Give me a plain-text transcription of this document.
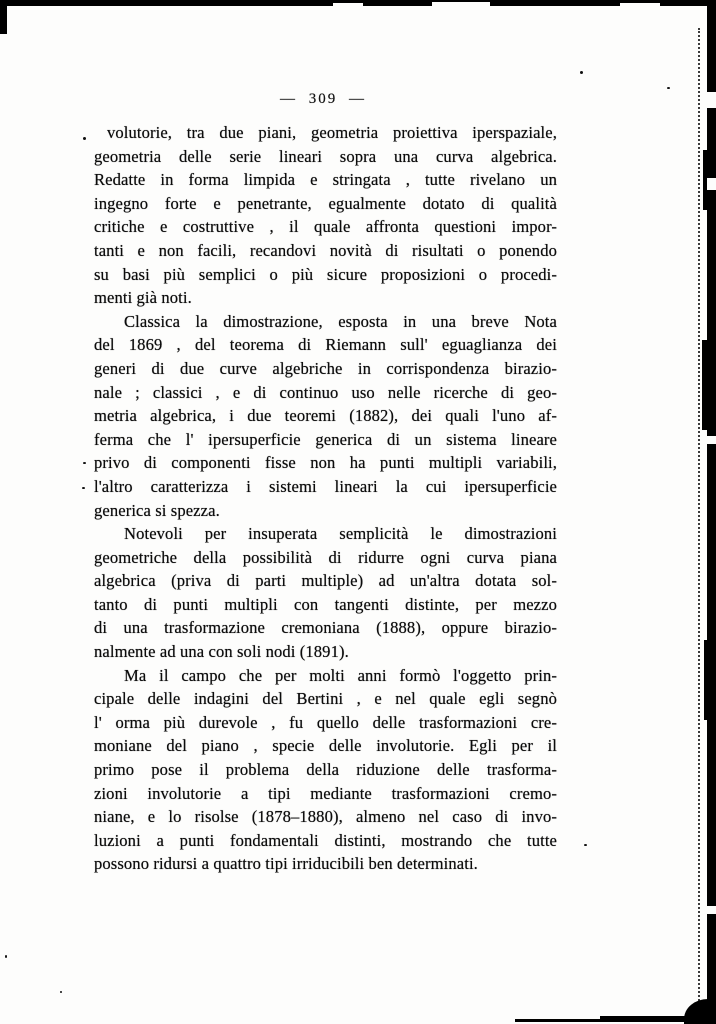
— 309 —
volutorie, tra due piani, geometria proiettiva iperspaziale,
geometria delle serie lineari sopra una curva algebrica.
Redatte in forma limpida e stringata , tutte rivelano un
ingegno forte e penetrante, egualmente dotato di qualità
critiche e costruttive , il quale affronta questioni impor-
tanti e non facili, recandovi novità di risultati o ponendo
su basi più semplici o più sicure proposizioni o procedi-
menti già noti.
Classica la dimostrazione, esposta in una breve Nota
del 1869 , del teorema di Riemann sull' eguaglianza dei
generi di due curve algebriche in corrispondenza birazio-
nale ; classici , e di continuo uso nelle ricerche di geo-
metria algebrica, i due teoremi (1882), dei quali l'uno af-
ferma che l' ipersuperficie generica di un sistema lineare
privo di componenti fisse non ha punti multipli variabili,
l'altro caratterizza i sistemi lineari la cui ipersuperficie
generica si spezza.
Notevoli per insuperata semplicità le dimostrazioni
geometriche della possibilità di ridurre ogni curva piana
algebrica (priva di parti multiple) ad un'altra dotata sol-
tanto di punti multipli con tangenti distinte, per mezzo
di una trasformazione cremoniana (1888), oppure birazio-
nalmente ad una con soli nodi (1891).
Ma il campo che per molti anni formò l'oggetto prin-
cipale delle indagini del Bertini , e nel quale egli segnò
l' orma più durevole , fu quello delle trasformazioni cre-
moniane del piano , specie delle involutorie. Egli per il
primo pose il problema della riduzione delle trasforma-
zioni involutorie a tipi mediante trasformazioni cremo-
niane, e lo risolse (1878–1880), almeno nel caso di invo-
luzioni a punti fondamentali distinti, mostrando che tutte
possono ridursi a quattro tipi irriducibili ben determinati.
